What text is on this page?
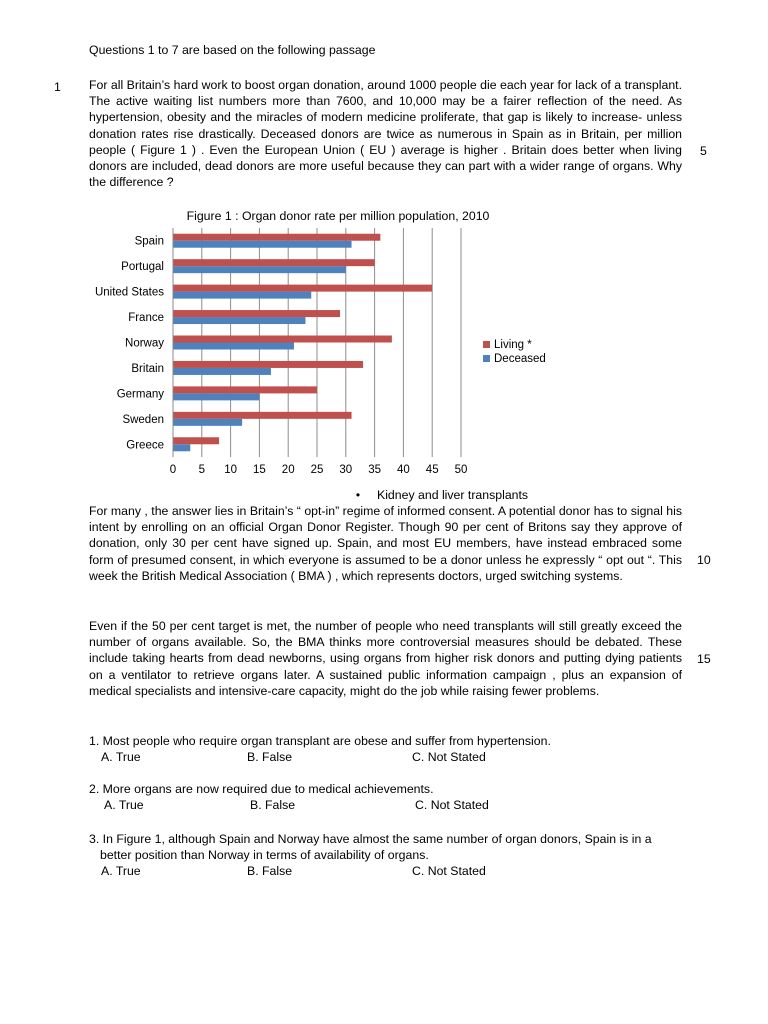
Questions 1 to 7 are based on the following passage
1
5
10
15

For all Britain’s hard work to boost organ donation, around 1000 people die each year for lack of a transplant. The active waiting list numbers more than 7600, and 10,000 may be a fairer reflection of the need. As hypertension, obesity and the miracles of modern medicine proliferate, that gap is likely to increase- unless donation rates rise drastically. Deceased donors are twice as numerous in Spain as in Britain, per million people ( Figure 1 ) . Even the European Union ( EU ) average is higher . Britain does better when living donors are included, dead donors are more useful because they can part with a wider range of organs. Why the difference ?

Figure 1 : Organ donor rate per million population, 2010
Spain
Portugal
United States
France
Norway
Britain
Germany
Sweden
Greece
0 5 10 15 20 25 30 35 40 45 50
Living *
Deceased
• Kidney and liver transplants

For many , the answer lies in Britain’s “ opt-in” regime of informed consent. A potential donor has to signal his intent by enrolling on an official Organ Donor Register. Though 90 per cent of Britons say they approve of donation, only 30 per cent have signed up. Spain, and most EU members, have instead embraced some form of presumed consent, in which everyone is assumed to be a donor unless he expressly “ opt out “. This week the British Medical Association ( BMA ) , which represents doctors, urged switching systems.

Even if the 50 per cent target is met, the number of people who need transplants will still greatly exceed the number of organs available. So, the BMA thinks more controversial measures should be debated. These include taking hearts from dead newborns, using organs from higher risk donors and putting dying patients on a ventilator to retrieve organs later. A sustained public information campaign , plus an expansion of medical specialists and intensive-care capacity, might do the job while raising fewer problems.

1. Most people who require organ transplant are obese and suffer from hypertension.
A. True	B. False	C. Not Stated
2. More organs are now required due to medical achievements.
A. True	B. False	C. Not Stated
3. In Figure 1, although Spain and Norway have almost the same number of organ donors, Spain is in a better position than Norway in terms of availability of organs.
A. True	B. False	C. Not Stated
